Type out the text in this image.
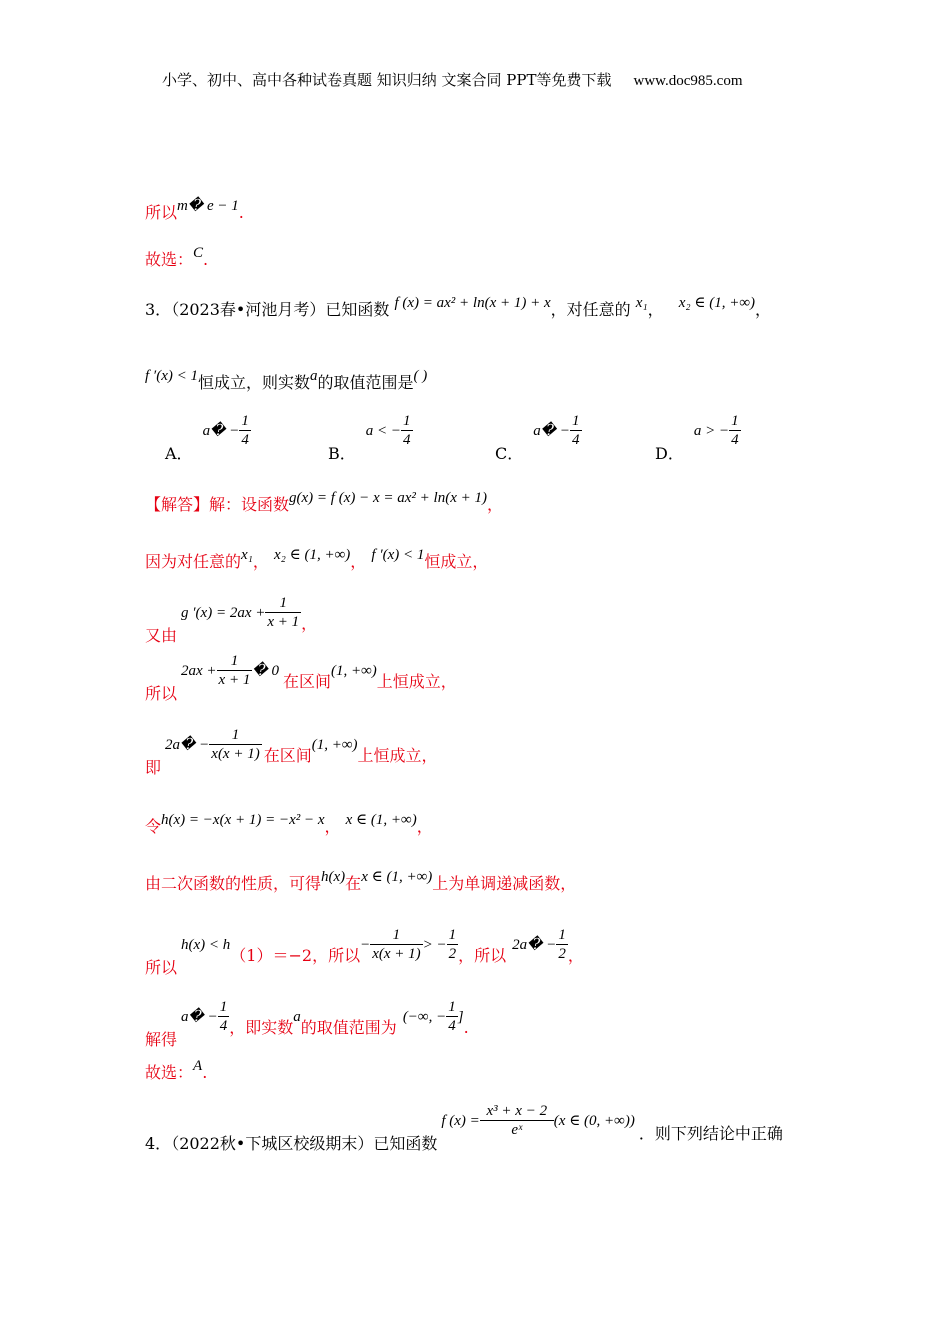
小学、初中、高中各种试卷真题 知识归纳 文案合同 PPT等免费下载 www.doc985.com
所以m� e − 1.
故选：C.
3．（2023春•河池月考）已知函数 f (x) = ax² + ln(x + 1) + x，对任意的 x₁， x₂ ∈ (1, +∞)，
f ′(x) < 1恒成立，则实数a的取值范围是( )
A．a� − $\frac{1}{4}$
B．a < − $\frac{1}{4}$
C．a� − $\frac{1}{4}$
D．a > − $\frac{1}{4}$
【解答】解：设函数g(x) = f (x) − x = ax² + ln(x + 1)，
因为对任意的x₁， x₂ ∈ (1, +∞)， f ′(x) < 1恒成立，
又由g $'(x) = 2ax + \frac{1}{x + 1}$ ，
所以$2ax + \frac{1}{x + 1}$ � 0在区间(1, +∞)上恒成立，
即2a� − $\frac{1}{x(x + 1)}$ 在区间(1, +∞)上恒成立，
令h(x) = −x(x + 1) = −x² − x， x ∈ (1, +∞)，
由二次函数的性质，可得h(x)在x ∈ (1, +∞)上为单调递减函数，
所以h(x) < h（1）＝−2，所以− $\frac{1}{x(x + 1)}$ > − $\frac{1}{2}$ ，所以2a� − $\frac{1}{2}$ ，
解得a� − $\frac{1}{4}$ ，即实数a的取值范围为(−∞, − $\frac{1}{4}$ ].
故选：A.
4．（2022秋•下城区校级期末）已知函数f $(x) = \frac{\text{x³ + x − 2}}{\text{eˣ}} (x$ ∈ (0, +∞))．则下列结论中正确
